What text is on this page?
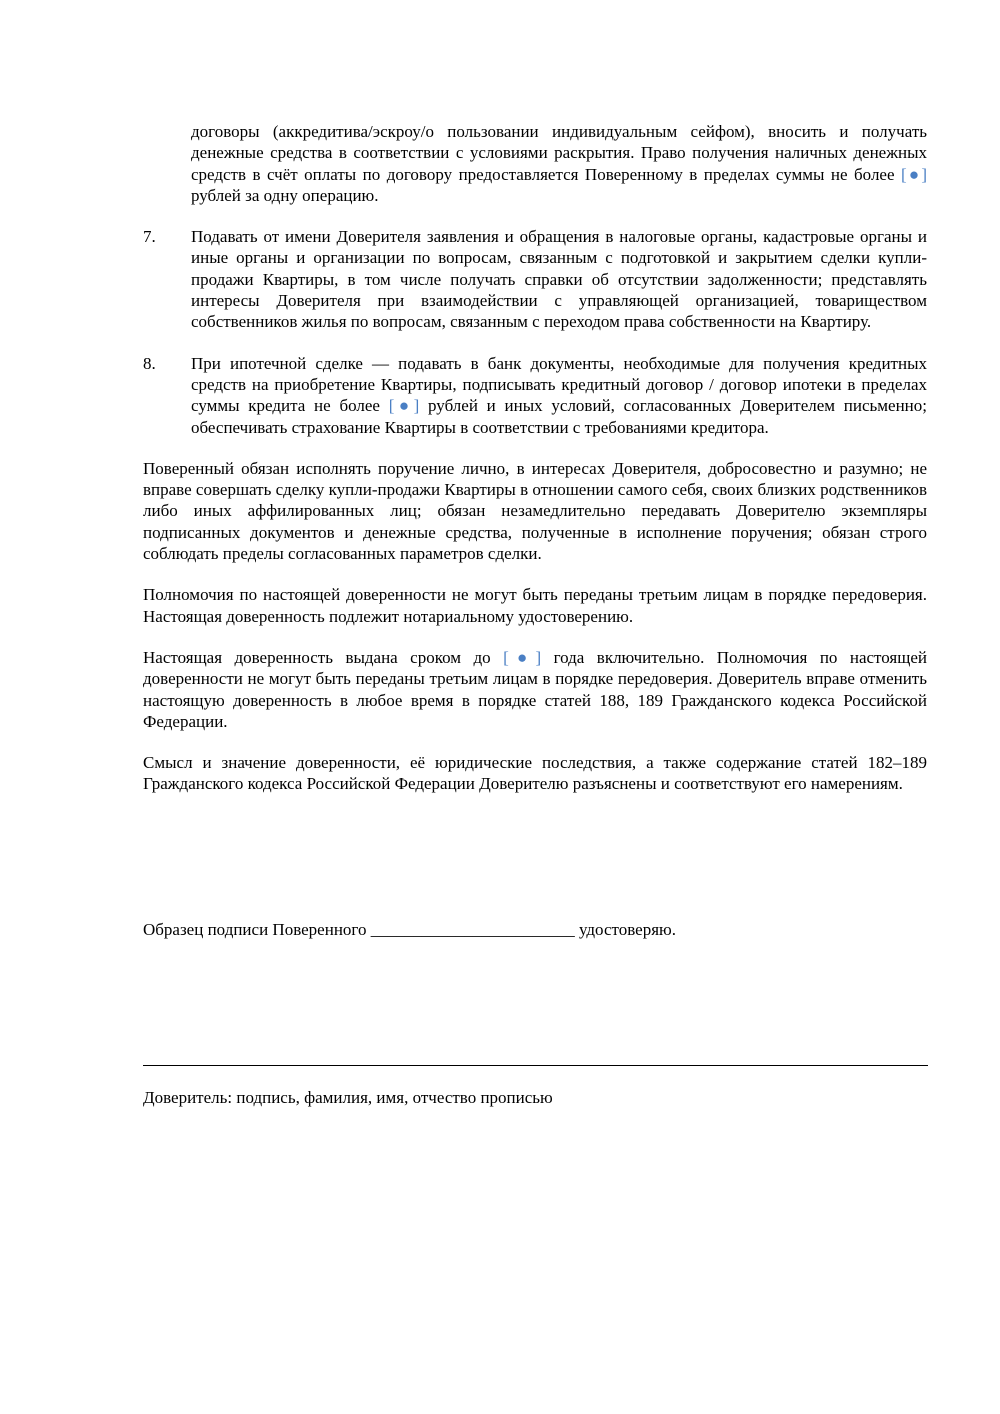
договоры (аккредитива/эскроу/о пользовании индивидуальным сейфом), вносить и получать денежные средства в соответствии с условиями раскрытия. Право получения наличных денежных средств в счёт оплаты по договору предоставляется Поверенному в пределах суммы не более [●] рублей за одну операцию.

7. Подавать от имени Доверителя заявления и обращения в налоговые органы, кадастровые органы и иные органы и организации по вопросам, связанным с подготовкой и закрытием сделки купли-продажи Квартиры, в том числе получать справки об отсутствии задолженности; представлять интересы Доверителя при взаимодействии с управляющей организацией, товариществом собственников жилья по вопросам, связанным с переходом права собственности на Квартиру.

8. При ипотечной сделке — подавать в банк документы, необходимые для получения кредитных средств на приобретение Квартиры, подписывать кредитный договор / договор ипотеки в пределах суммы кредита не более [●] рублей и иных условий, согласованных Доверителем письменно; обеспечивать страхование Квартиры в соответствии с требованиями кредитора.

Поверенный обязан исполнять поручение лично, в интересах Доверителя, добросовестно и разумно; не вправе совершать сделку купли-продажи Квартиры в отношении самого себя, своих близких родственников либо иных аффилированных лиц; обязан незамедлительно передавать Доверителю экземпляры подписанных документов и денежные средства, полученные в исполнение поручения; обязан строго соблюдать пределы согласованных параметров сделки.

Полномочия по настоящей доверенности не могут быть переданы третьим лицам в порядке передоверия. Настоящая доверенность подлежит нотариальному удостоверению.

Настоящая доверенность выдана сроком до [●] года включительно. Полномочия по настоящей доверенности не могут быть переданы третьим лицам в порядке передоверия. Доверитель вправе отменить настоящую доверенность в любое время в порядке статей 188, 189 Гражданского кодекса Российской Федерации.

Смысл и значение доверенности, её юридические последствия, а также содержание статей 182–189 Гражданского кодекса Российской Федерации Доверителю разъяснены и соответствуют его намерениям.

Образец подписи Поверенного ________________________ удостоверяю.
Доверитель: подпись, фамилия, имя, отчество прописью
